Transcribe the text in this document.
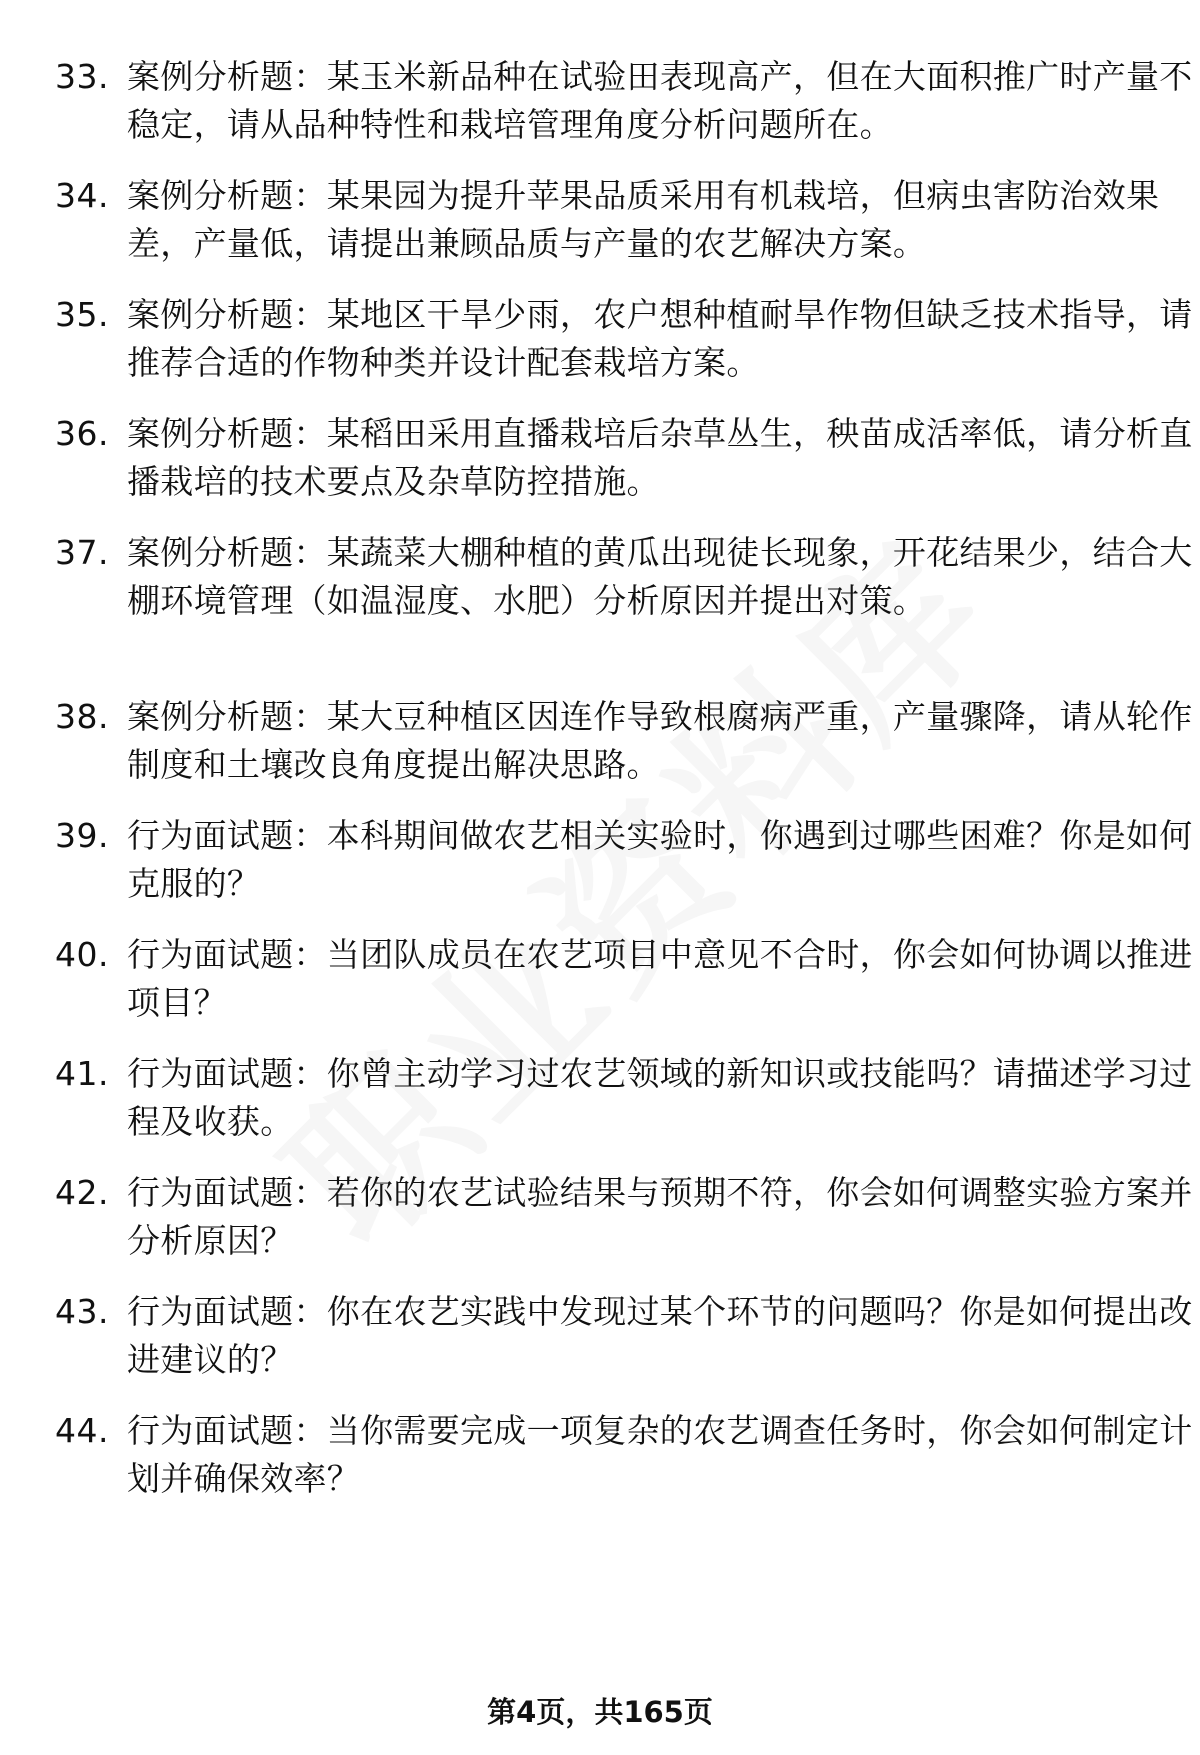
33. 案例分析题：某玉米新品种在试验田表现高产，但在大面积推广时产量不稳定，请从品种特性和栽培管理角度分析问题所在。
34. 案例分析题：某果园为提升苹果品质采用有机栽培，但病虫害防治效果差，产量低，请提出兼顾品质与产量的农艺解决方案。
35. 案例分析题：某地区干旱少雨，农户想种植耐旱作物但缺乏技术指导，请推荐合适的作物种类并设计配套栽培方案。
36. 案例分析题：某稻田采用直播栽培后杂草丛生，秧苗成活率低，请分析直播栽培的技术要点及杂草防控措施。
37. 案例分析题：某蔬菜大棚种植的黄瓜出现徒长现象，开花结果少，结合大棚环境管理（如温湿度、水肥）分析原因并提出对策。
38. 案例分析题：某大豆种植区因连作导致根腐病严重，产量骤降，请从轮作制度和土壤改良角度提出解决思路。
39. 行为面试题：本科期间做农艺相关实验时，你遇到过哪些困难？你是如何克服的？
40. 行为面试题：当团队成员在农艺项目中意见不合时，你会如何协调以推进项目？
41. 行为面试题：你曾主动学习过农艺领域的新知识或技能吗？请描述学习过程及收获。
42. 行为面试题：若你的农艺试验结果与预期不符，你会如何调整实验方案并分析原因？
43. 行为面试题：你在农艺实践中发现过某个环节的问题吗？你是如何提出改进建议的？
44. 行为面试题：当你需要完成一项复杂的农艺调查任务时，你会如何制定计划并确保效率？
第4页，共165页
